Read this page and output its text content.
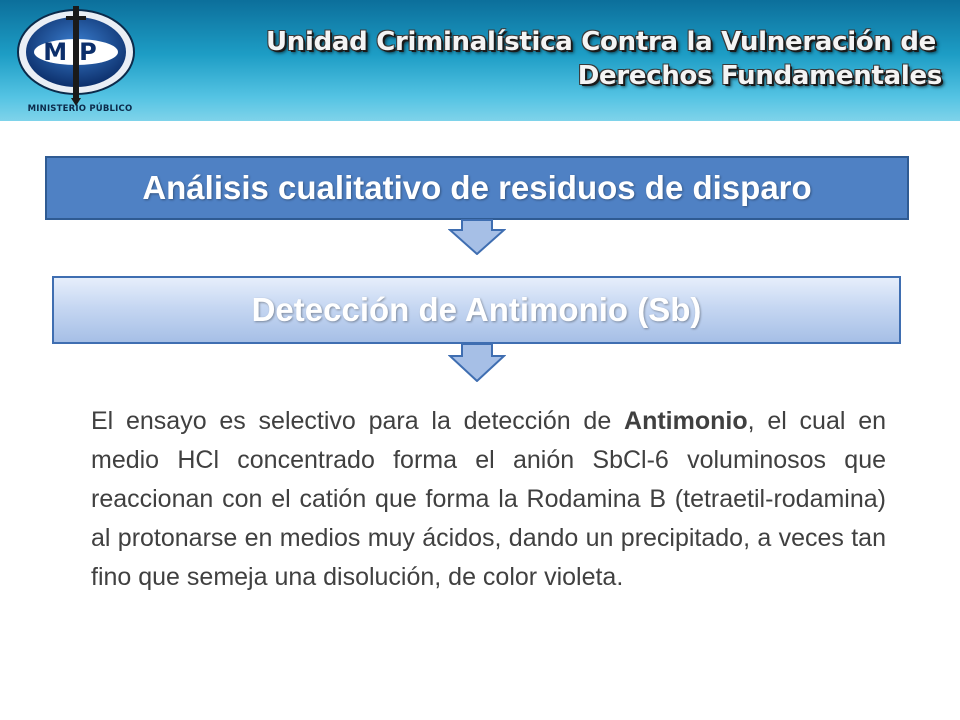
MP
MINISTERIO PÚBLICO
Unidad Criminalística Contra la Vulneración de
Derechos Fundamentales
Análisis cualitativo de residuos de disparo
Detección de Antimonio (Sb)

El ensayo es selectivo para la detección de Antimonio, el cual en medio HCl concentrado forma el anión SbCl-6 voluminosos que reaccionan con el catión que forma la Rodamina B (tetraetil-rodamina) al protonarse en medios muy ácidos, dando un precipitado, a veces tan fino que semeja una disolución, de color violeta.
